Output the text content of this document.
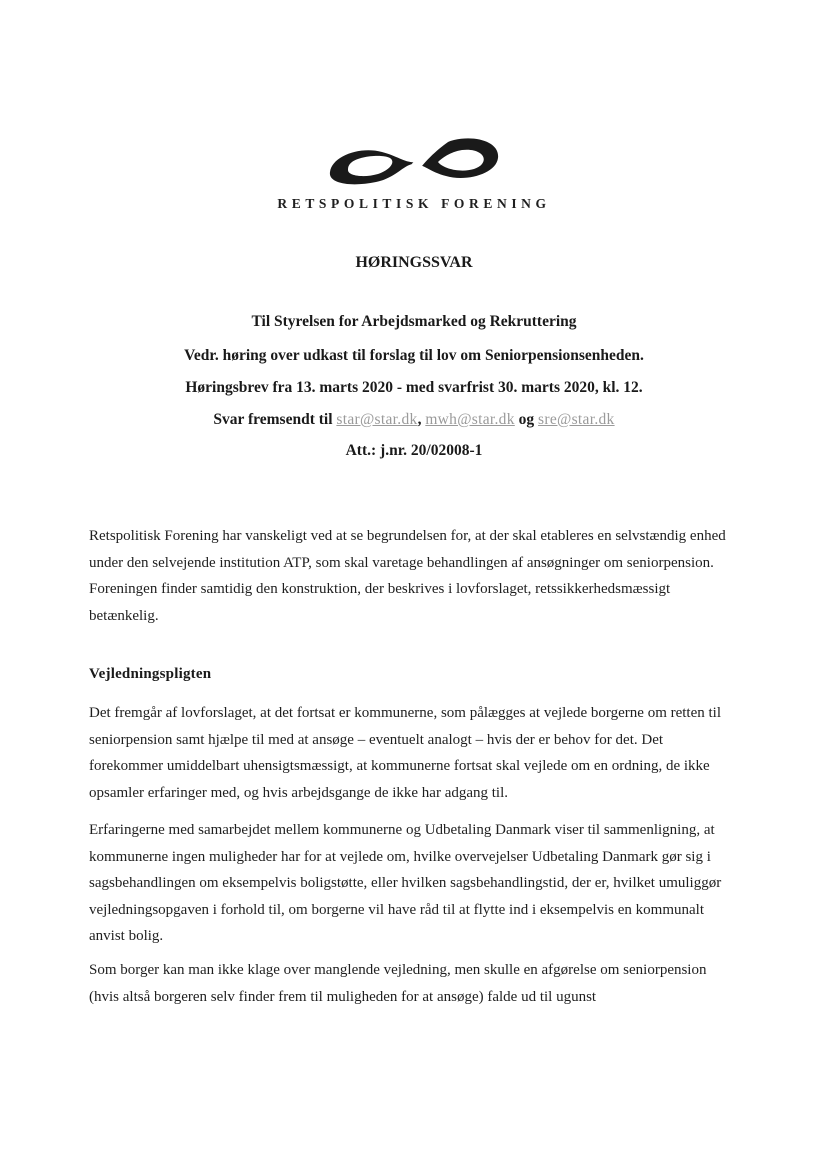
RETSPOLITISK FORENING
HØRINGSSVAR
Til Styrelsen for Arbejdsmarked og Rekruttering
Vedr. høring over udkast til forslag til lov om Seniorpensionsenheden.
Høringsbrev fra 13. marts 2020 - med svarfrist 30. marts 2020, kl. 12.
Svar fremsendt til star@star.dk, mwh@star.dk og sre@star.dk
Att.: j.nr. 20/02008-1

Retspolitisk Forening har vanskeligt ved at se begrundelsen for, at der skal etableres en selvstændig enhed under den selvejende institution ATP, som skal varetage behandlingen af ansøgninger om seniorpension. Foreningen finder samtidig den konstruktion, der beskrives i lovforslaget, retssikkerhedsmæssigt betænkelig.

Vejledningspligten

Det fremgår af lovforslaget, at det fortsat er kommunerne, som pålægges at vejlede borgerne om retten til seniorpension samt hjælpe til med at ansøge – eventuelt analogt – hvis der er behov for det. Det forekommer umiddelbart uhensigtsmæssigt, at kommunerne fortsat skal vejlede om en ordning, de ikke opsamler erfaringer med, og hvis arbejdsgange de ikke har adgang til.

Erfaringerne med samarbejdet mellem kommunerne og Udbetaling Danmark viser til sammenligning, at kommunerne ingen muligheder har for at vejlede om, hvilke overvejelser Udbetaling Danmark gør sig i sagsbehandlingen om eksempelvis boligstøtte, eller hvilken sagsbehandlingstid, der er, hvilket umuliggør vejledningsopgaven i forhold til, om borgerne vil have råd til at flytte ind i eksempelvis en kommunalt anvist bolig.

Som borger kan man ikke klage over manglende vejledning, men skulle en afgørelse om seniorpension (hvis altså borgeren selv finder frem til muligheden for at ansøge) falde ud til ugunst
